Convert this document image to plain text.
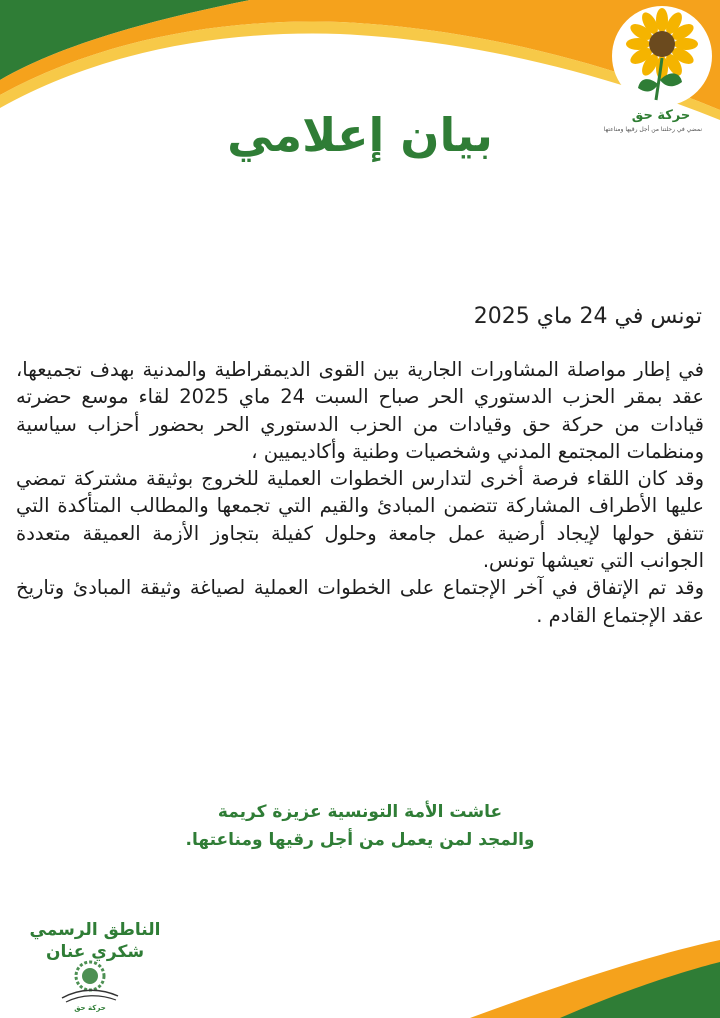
حركة حق
نمضي في رحلتنا من أجل رقيها ومناعتها
بيان إعلامي
تونس في 24 ماي 2025

في إطار مواصلة المشاورات الجارية بين القوى الديمقراطية والمدنية بهدف تجميعها، عقد بمقر الحزب الدستوري الحر صباح السبت 24 ماي 2025 لقاء موسع حضرته قيادات من حركة حق وقيادات من الحزب الدستوري الحر بحضور أحزاب سياسية ومنظمات المجتمع المدني وشخصيات وطنية وأكاديميين ،

وقد كان اللقاء فرصة أخرى لتدارس الخطوات العملية للخروج بوثيقة مشتركة تمضي عليها الأطراف المشاركة تتضمن المبادئ والقيم التي تجمعها والمطالب المتأكدة التي تتفق حولها لإيجاد أرضية عمل جامعة وحلول كفيلة بتجاوز الأزمة العميقة متعددة الجوانب التي تعيشها تونس.

وقد تم الإتفاق في آخر الإجتماع على الخطوات العملية لصياغة وثيقة المبادئ وتاريخ عقد الإجتماع القادم .

عاشت الأمة التونسية عزيزة كريمة
والمجد لمن يعمل من أجل رقيها ومناعتها.
الناطق الرسمي
شكري عنان
حركة حق
